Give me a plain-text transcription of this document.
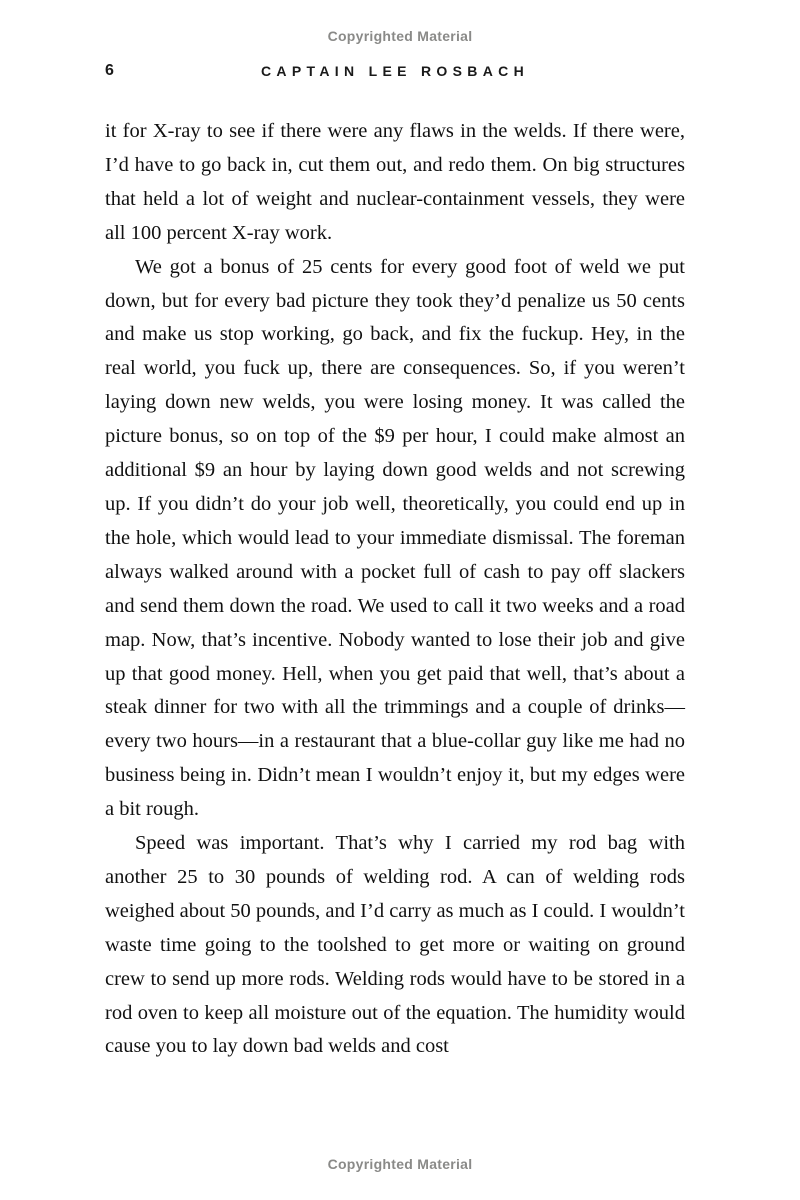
Copyrighted Material
6	CAPTAIN LEE ROSBACH

it for X-ray to see if there were any flaws in the welds. If there were, I’d have to go back in, cut them out, and redo them. On big structures that held a lot of weight and nuclear-containment vessels, they were all 100 percent X-ray work.

We got a bonus of 25 cents for every good foot of weld we put down, but for every bad picture they took they’d penalize us 50 cents and make us stop working, go back, and fix the fuckup. Hey, in the real world, you fuck up, there are consequences. So, if you weren’t laying down new welds, you were losing money. It was called the picture bonus, so on top of the $9 per hour, I could make almost an additional $9 an hour by laying down good welds and not screwing up. If you didn’t do your job well, theoretically, you could end up in the hole, which would lead to your immediate dismissal. The foreman always walked around with a pocket full of cash to pay off slackers and send them down the road. We used to call it two weeks and a road map. Now, that’s incentive. Nobody wanted to lose their job and give up that good money. Hell, when you get paid that well, that’s about a steak dinner for two with all the trimmings and a couple of drinks—every two hours—in a restaurant that a blue-collar guy like me had no business being in. Didn’t mean I wouldn’t enjoy it, but my edges were a bit rough.

Speed was important. That’s why I carried my rod bag with another 25 to 30 pounds of welding rod. A can of welding rods weighed about 50 pounds, and I’d carry as much as I could. I wouldn’t waste time going to the toolshed to get more or waiting on ground crew to send up more rods. Welding rods would have to be stored in a rod oven to keep all moisture out of the equation. The humidity would cause you to lay down bad welds and cost

Copyrighted Material
